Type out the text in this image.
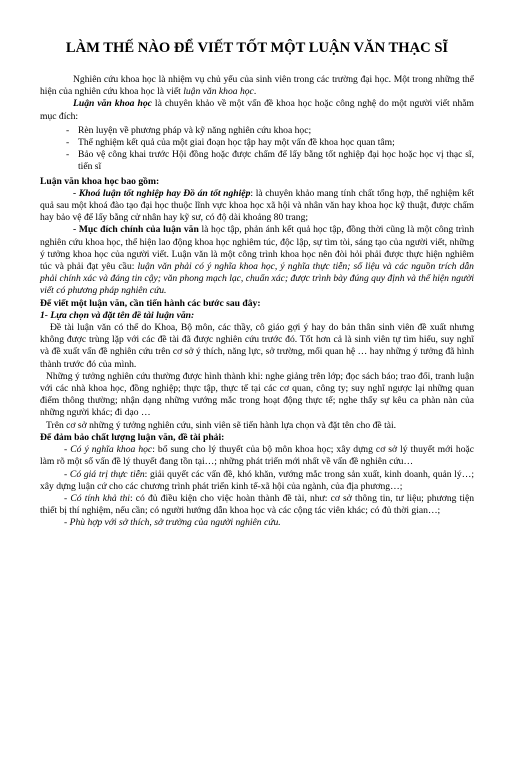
LÀM THẾ NÀO ĐỂ VIẾT TỐT MỘT LUẬN VĂN THẠC SĨ

Nghiên cứu khoa học là nhiệm vụ chủ yếu của sinh viên trong các trường đại học. Một trong những thể hiện của nghiên cứu khoa học là viết luận văn khoa học.

Luận văn khoa học là chuyên khảo về một vấn đề khoa học hoặc công nghệ do một người viết nhằm mục đích:

- Rèn luyện về phương pháp và kỹ năng nghiên cứu khoa học;
- Thể nghiệm kết quả của một giai đoạn học tập hay một vấn đề khoa học quan tâm;
- Bảo vệ công khai trước Hội đồng hoặc được chấm để lấy bằng tốt nghiệp đại học hoặc học vị thạc sĩ, tiến sĩ

Luận văn khoa học bao gồm:

- Khoá luận tốt nghiệp hay Đồ án tốt nghiệp: là chuyên khảo mang tính chất tổng hợp, thể nghiệm kết quả sau một khoá đào tạo đại học thuộc lĩnh vực khoa học xã hội và nhân văn hay khoa học kỹ thuật, được chấm hay bảo vệ để lấy bằng cử nhân hay kỹ sư, có độ dài khoảng 80 trang;

- Mục đích chính của luận văn là học tập, phản ánh kết quả học tập, đồng thời cũng là một công trình nghiên cứu khoa học, thể hiện lao động khoa học nghiêm túc, độc lập, sự tìm tòi, sáng tạo của người viết, những ý tưởng khoa học của người viết. Luận văn là một công trình khoa học nên đòi hỏi phải được thực hiện nghiêm túc và phải đạt yêu cầu: luận văn phải có ý nghĩa khoa học, ý nghĩa thực tiễn; số liệu và các nguồn trích dẫn phải chính xác và đáng tin cậy; văn phong mạch lạc, chuẩn xác; được trình bày đúng quy định và thể hiện người viết có phương pháp nghiên cứu.

Để viết một luận văn, cần tiến hành các bước sau đây:

1- Lựa chọn và đặt tên đề tài luận văn:

Đề tài luận văn có thể do Khoa, Bộ môn, các thầy, cô giáo gợi ý hay do bản thân sinh viên đề xuất nhưng không được trùng lặp với các đề tài đã được nghiên cứu trước đó. Tốt hơn cả là sinh viên tự tìm hiểu, suy nghĩ và đề xuất vấn đề nghiên cứu trên cơ sở ý thích, năng lực, sở trường, mối quan hệ … hay những ý tưởng đã hình thành trước đó của mình.

Những ý tưởng nghiên cứu thường được hình thành khi: nghe giảng trên lớp; đọc sách báo; trao đổi, tranh luận với các nhà khoa học, đồng nghiệp; thực tập, thực tế tại các cơ quan, công ty; suy nghĩ ngược lại những quan điểm thông thường; nhận dạng những vướng mắc trong hoạt động thực tế; nghe thấy sự kêu ca phàn nàn của những người khác; đi dạo …

Trên cơ sở những ý tưởng nghiên cứu, sinh viên sẽ tiến hành lựa chọn và đặt tên cho đề tài.

Để đảm bảo chất lượng luận văn, đề tài phải:

- Có ý nghĩa khoa học: bổ sung cho lý thuyết của bộ môn khoa học; xây dựng cơ sở lý thuyết mới hoặc làm rõ một số vấn đề lý thuyết đang tồn tại…; những phát triển mới nhất về vấn đề nghiên cứu…

- Có giá trị thực tiễn: giải quyết các vấn đề, khó khăn, vướng mắc trong sản xuất, kinh doanh, quản lý…; xây dựng luận cứ cho các chương trình phát triển kinh tế-xã hội của ngành, của địa phương…;

- Có tính khả thi: có đủ điều kiện cho việc hoàn thành đề tài, như: cơ sở thông tin, tư liệu; phương tiện thiết bị thí nghiệm, nếu cần; có người hướng dẫn khoa học và các cộng tác viên khác; có đủ thời gian…;

- Phù hợp với sở thích, sở trường của người nghiên cứu.
